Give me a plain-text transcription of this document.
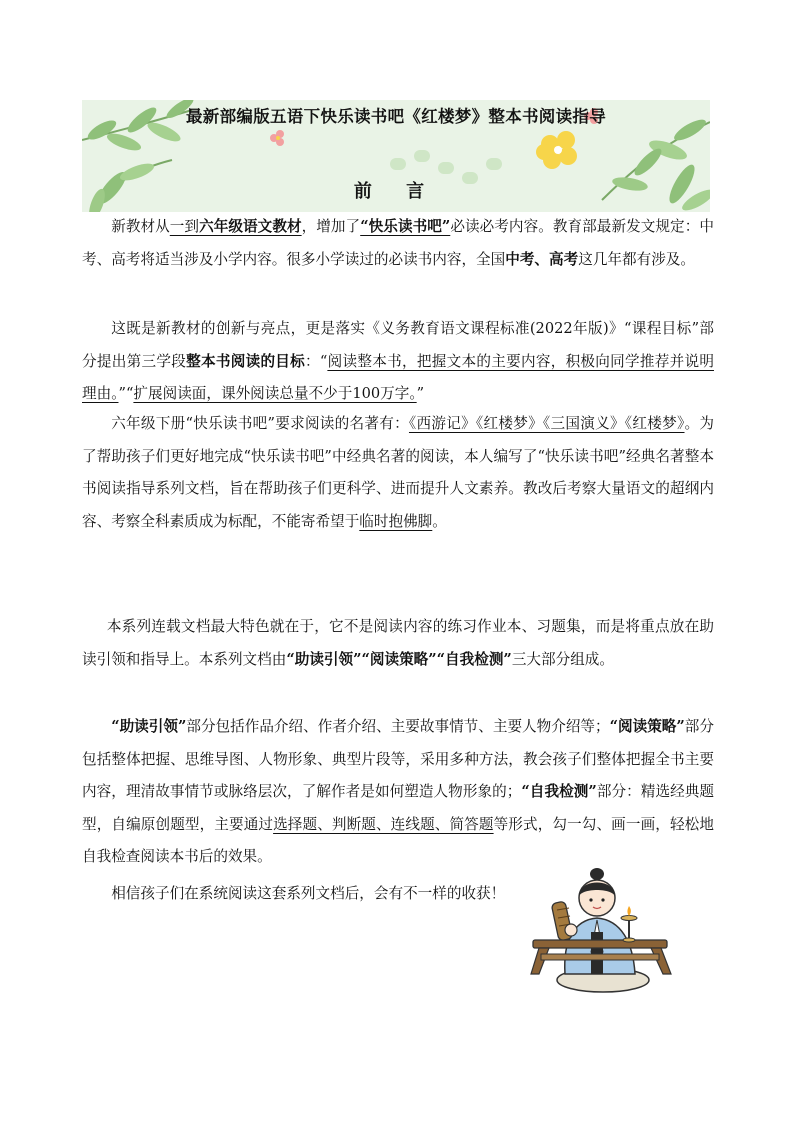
最新部编版五语下快乐读书吧《红楼梦》整本书阅读指导
前 言

新教材从一到六年级语文教材，增加了“快乐读书吧”必读必考内容。教育部最新发文规定：中考、高考将适当涉及小学内容。很多小学读过的必读书内容，全国中考、高考这几年都有涉及。

这既是新教材的创新与亮点，更是落实《义务教育语文课程标准(2022年版)》“课程目标”部分提出第三学段整本书阅读的目标：“阅读整本书，把握文本的主要内容，积极向同学推荐并说明理由。”“扩展阅读面，课外阅读总量不少于100万字。”

六年级下册“快乐读书吧”要求阅读的名著有：《西游记》《红楼梦》《三国演义》《红楼梦》。为了帮助孩子们更好地完成“快乐读书吧”中经典名著的阅读，本人编写了“快乐读书吧”经典名著整本书阅读指导系列文档，旨在帮助孩子们更科学、进而提升人文素养。教改后考察大量语文的超纲内容、考察全科素质成为标配，不能寄希望于临时抱佛脚。

本系列连载文档最大特色就在于，它不是阅读内容的练习作业本、习题集，而是将重点放在助读引领和指导上。本系列文档由“助读引领”“阅读策略”“自我检测”三大部分组成。

“助读引领”部分包括作品介绍、作者介绍、主要故事情节、主要人物介绍等；“阅读策略”部分包括整体把握、思维导图、人物形象、典型片段等，采用多种方法，教会孩子们整体把握全书主要内容，理清故事情节或脉络层次，了解作者是如何塑造人物形象的；“自我检测”部分：精选经典题型，自编原创题型，主要通过选择题、判断题、连线题、简答题等形式，勾一勾、画一画，轻松地自我检查阅读本书后的效果。

相信孩子们在系统阅读这套系列文档后，会有不一样的收获！
